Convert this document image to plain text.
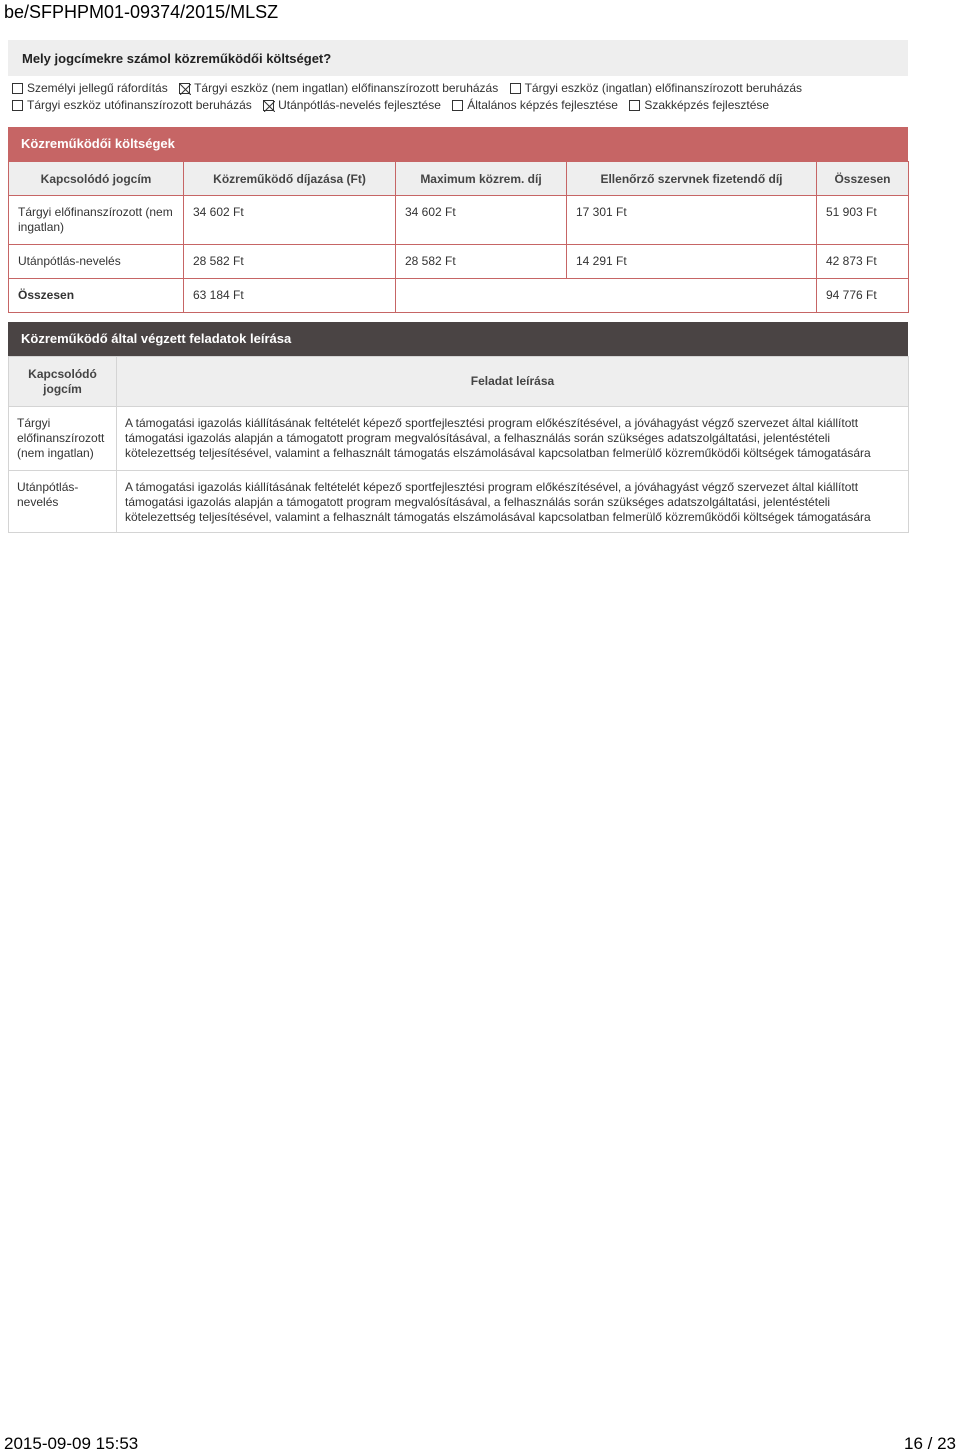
be/SFPHPM01-09374/2015/MLSZ
Mely jogcímekre számol közreműködői költséget?
Személyi jellegű ráfordítás Tárgyi eszköz (nem ingatlan) előfinanszírozott beruházás Tárgyi eszköz (ingatlan) előfinanszírozott beruházás
Tárgyi eszköz utófinanszírozott beruházás Utánpótlás-nevelés fejlesztése Általános képzés fejlesztése Szakképzés fejlesztése
Közreműködői költségek
Kapcsolódó jogcím	Közreműködő díjazása (Ft)	Maximum közrem. díj	Ellenőrző szervnek fizetendő díj	Összesen
Tárgyi előfinanszírozott (nem ingatlan)	34 602 Ft	34 602 Ft	17 301 Ft	51 903 Ft
Utánpótlás-nevelés	28 582 Ft	28 582 Ft	14 291 Ft	42 873 Ft
Összesen	63 184 Ft			94 776 Ft
Közreműködő által végzett feladatok leírása
Kapcsolódó jogcím	Feladat leírása
Tárgyi előfinanszírozott (nem ingatlan)	A támogatási igazolás kiállításának feltételét képező sportfejlesztési program előkészítésével, a jóváhagyást végző szervezet által kiállított
támogatási igazolás alapján a támogatott program megvalósításával, a felhasználás során szükséges adatszolgáltatási, jelentéstételi
kötelezettség teljesítésével, valamint a felhasznált támogatás elszámolásával kapcsolatban felmerülő közreműködői költségek támogatására

Utánpótlás-nevelés	A támogatási igazolás kiállításának feltételét képező sportfejlesztési program előkészítésével, a jóváhagyást végző szervezet által kiállított
támogatási igazolás alapján a támogatott program megvalósításával, a felhasználás során szükséges adatszolgáltatási, jelentéstételi
kötelezettség teljesítésével, valamint a felhasznált támogatás elszámolásával kapcsolatban felmerülő közreműködői költségek támogatására
2015-09-09 15:53	16 / 23
